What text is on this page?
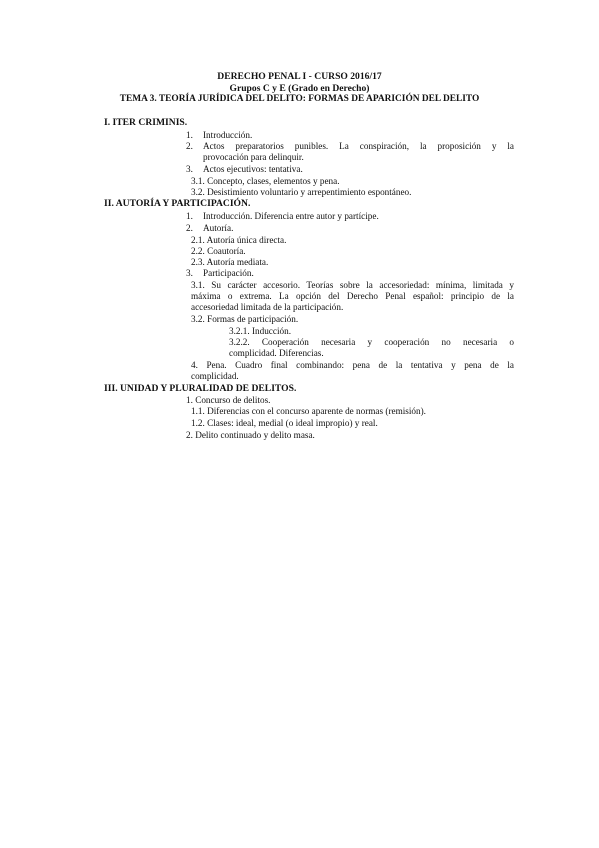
DERECHO PENAL I - CURSO 2016/17
Grupos C y E (Grado en Derecho)
TEMA 3. TEORÍA JURÍDICA DEL DELITO: FORMAS DE APARICIÓN DEL DELITO
I. ITER CRIMINIS.
1. Introducción.
2. Actos preparatorios punibles. La conspiración, la proposición y la
provocación para delinquir.
3. Actos ejecutivos: tentativa.
3.1. Concepto, clases, elementos y pena.
3.2. Desistimiento voluntario y arrepentimiento espontáneo.
II. AUTORÍA Y PARTICIPACIÓN.
1. Introducción. Diferencia entre autor y partícipe.
2. Autoría.
2.1. Autoría única directa.
2.2. Coautoría.
2.3. Autoría mediata.
3. Participación.
3.1. Su carácter accesorio. Teorías sobre la accesoriedad: mínima, limitada y
máxima o extrema. La opción del Derecho Penal español: principio de la
accesoriedad limitada de la participación.
3.2. Formas de participación.
3.2.1. Inducción.
3.2.2. Cooperación necesaria y cooperación no necesaria o
complicidad. Diferencias.
4. Pena. Cuadro final combinando: pena de la tentativa y pena de la
complicidad.
III. UNIDAD Y PLURALIDAD DE DELITOS.
1. Concurso de delitos.
1.1. Diferencias con el concurso aparente de normas (remisión).
1.2. Clases: ideal, medial (o ideal impropio) y real.
2. Delito continuado y delito masa.
